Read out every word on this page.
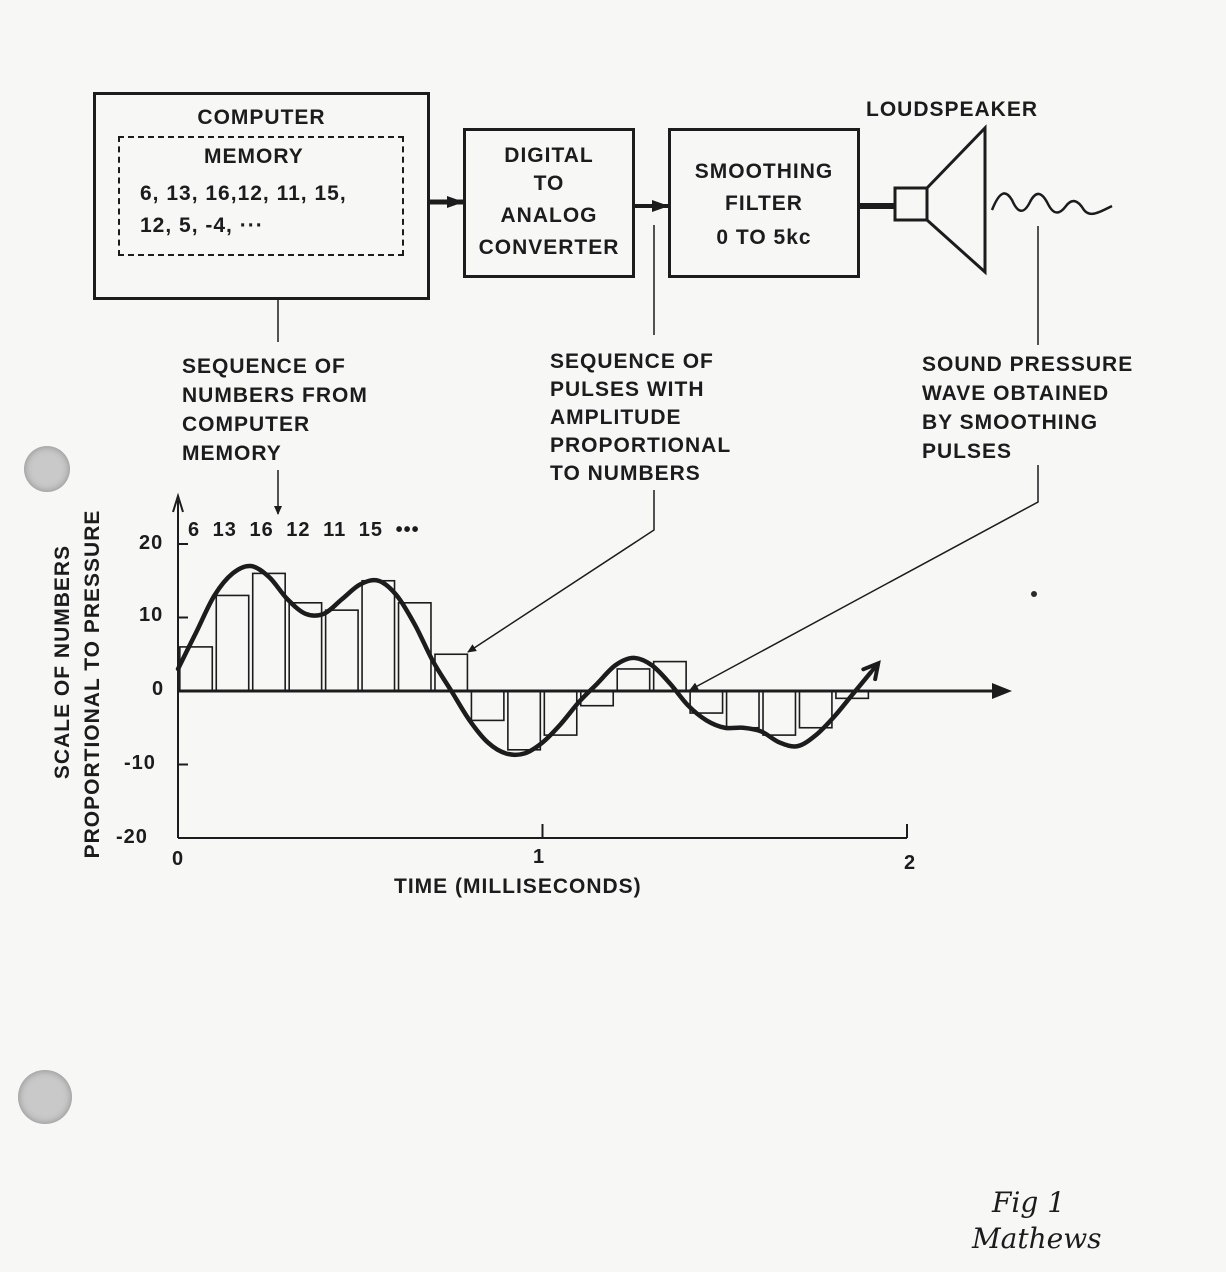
COMPUTER
MEMORY
6, 13, 16,12, 11, 15,
12, 5, -4, ···
DIGITAL
TO
ANALOG
CONVERTER
SMOOTHING
FILTER
0 TO 5kc
LOUDSPEAKER
SEQUENCE OF
NUMBERS FROM
COMPUTER
MEMORY
SEQUENCE OF
PULSES WITH
AMPLITUDE
PROPORTIONAL
TO NUMBERS
SOUND PRESSURE
WAVE OBTAINED
BY SMOOTHING
PULSES
6 13 16 12 11 15 •••
SCALE OF NUMBERS PROPORTIONAL TO PRESSURE
TIME (MILLISECONDS)
20
10
0
-10
-20
0	1	2
Fig 1
Mathews
